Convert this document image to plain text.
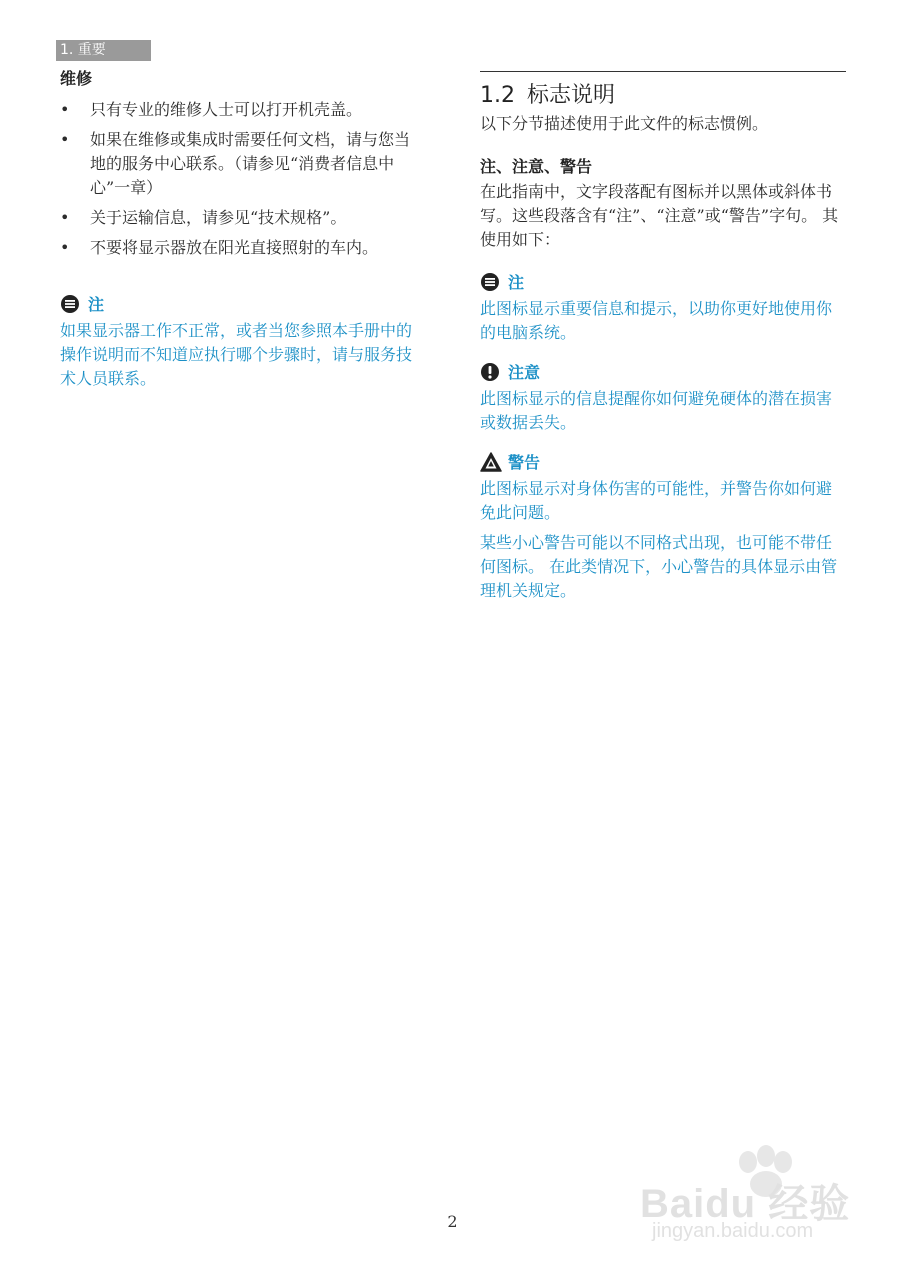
1. 重要

维修

• 只有专业的维修人士可以打开机壳盖。
• 如果在维修或集成时需要任何文档，请与您当地的服务中心联系。（请参见“消费者信息中心”一章）
• 关于运输信息，请参见“技术规格”。
• 不要将显示器放在阳光直接照射的车内。
注

如果显示器工作不正常，或者当您参照本手册中的操作说明而不知道应执行哪个步骤时，请与服务技术人员联系。

1.2 标志说明

以下分节描述使用于此文件的标志惯例。

注、注意、警告

在此指南中，文字段落配有图标并以黑体或斜体书写。这些段落含有“注”、“注意”或“警告”字句。 其使用如下：

注

此图标显示重要信息和提示，以助你更好地使用你 的电脑系统。

注意

此图标显示的信息提醒你如何避免硬体的潜在损害或数据丢失。

警告

此图标显示对身体伤害的可能性，并警告你如何避免此问题。

某些小心警告可能以不同格式出现，也可能不带任何图标。 在此类情况下，小心警告的具体显示由管理机关规定。

Baidu 经验
jingyan.baidu.com
2
